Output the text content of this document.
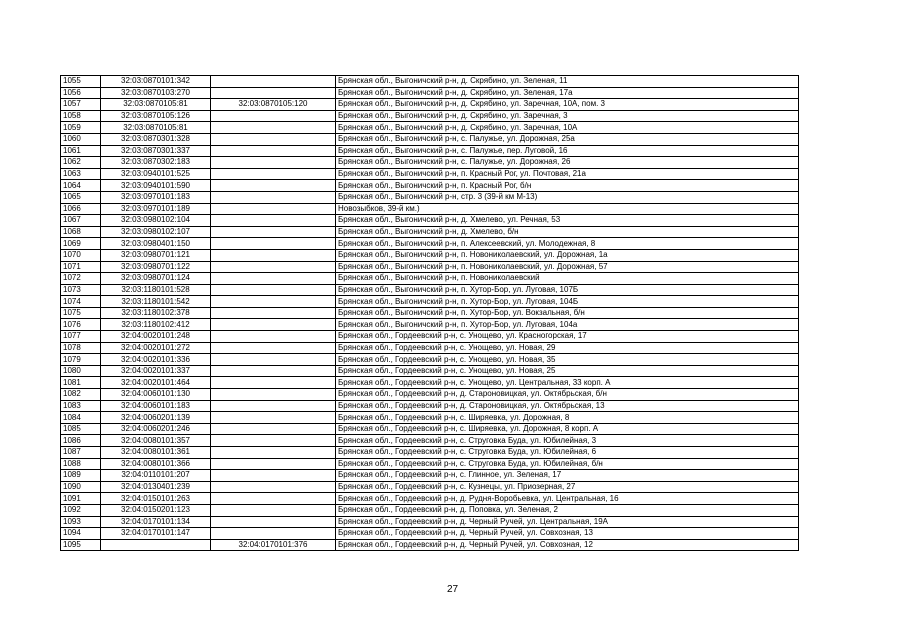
1055	32:03:0870101:342		Брянская обл., Выгоничский р-н, д. Скрябино, ул. Зеленая, 11
1056	32:03:0870103:270		Брянская обл., Выгоничский р-н, д. Скрябино, ул. Зеленая, 17а
1057	32:03:0870105:81	32:03:0870105:120	Брянская обл., Выгоничский р-н, д. Скрябино, ул. Заречная, 10А, пом. 3
1058	32:03:0870105:126		Брянская обл., Выгоничский р-н, д. Скрябино, ул. Заречная, 3
1059	32:03:0870105:81		Брянская обл., Выгоничский р-н, д. Скрябино, ул. Заречная, 10А
1060	32:03:0870301:328		Брянская обл., Выгоничский р-н, с. Палужье, ул. Дорожная, 25а
1061	32:03:0870301:337		Брянская обл., Выгоничский р-н, с. Палужье, пер. Луговой, 16
1062	32:03:0870302:183		Брянская обл., Выгоничский р-н, с. Палужье, ул. Дорожная, 26
1063	32:03:0940101:525		Брянская обл., Выгоничский р-н, п. Красный Рог, ул. Почтовая, 21а
1064	32:03:0940101:590		Брянская обл., Выгоничский р-н, п. Красный Рог, б/н
1065	32:03:0970101:183		Брянская обл., Выгоничский р-н, стр. 3 (39-й км М-13)
1066	32:03:0970101:189		Новозыбков, 39-й км.)
1067	32:03:0980102:104		Брянская обл., Выгоничский р-н, д. Хмелево, ул. Речная, 53
1068	32:03:0980102:107		Брянская обл., Выгоничский р-н, д. Хмелево, б/н
1069	32:03:0980401:150		Брянская обл., Выгоничский р-н, п. Алексеевский, ул. Молодежная, 8
1070	32:03:0980701:121		Брянская обл., Выгоничский р-н, п. Новониколаевский, ул. Дорожная, 1а
1071	32:03:0980701:122		Брянская обл., Выгоничский р-н, п. Новониколаевский, ул. Дорожная, 57
1072	32:03:0980701:124		Брянская обл., Выгоничский р-н, п. Новониколаевский
1073	32:03:1180101:528		Брянская обл., Выгоничский р-н, п. Хутор-Бор, ул. Луговая, 107Б
1074	32:03:1180101:542		Брянская обл., Выгоничский р-н, п. Хутор-Бор, ул. Луговая, 104Б
1075	32:03:1180102:378		Брянская обл., Выгоничский р-н, п. Хутор-Бор, ул. Вокзальная, б/н
1076	32:03:1180102:412		Брянская обл., Выгоничский р-н, п. Хутор-Бор, ул. Луговая, 104а
1077	32:04:0020101:248		Брянская обл., Гордеевский р-н, с. Унощево, ул. Красногорская, 17
1078	32:04:0020101:272		Брянская обл., Гордеевский р-н, с. Унощево, ул. Новая, 29
1079	32:04:0020101:336		Брянская обл., Гордеевский р-н, с. Унощево, ул. Новая, 35
1080	32:04:0020101:337		Брянская обл., Гордеевский р-н, с. Унощево, ул. Новая, 25
1081	32:04:0020101:464		Брянская обл., Гордеевский р-н, с. Унощево, ул. Центральная, 33 корп. А
1082	32:04:0060101:130		Брянская обл., Гордеевский р-н, д. Староновицкая, ул. Октябрьская, б/н
1083	32:04:0060101:183		Брянская обл., Гордеевский р-н, д. Староновицкая, ул. Октябрьская, 13
1084	32:04:0060201:139		Брянская обл., Гордеевский р-н, с. Ширяевка, ул. Дорожная, 8
1085	32:04:0060201:246		Брянская обл., Гордеевский р-н, с. Ширяевка, ул. Дорожная, 8 корп. А
1086	32:04:0080101:357		Брянская обл., Гордеевский р-н, с. Струговка Буда, ул. Юбилейная, 3
1087	32:04:0080101:361		Брянская обл., Гордеевский р-н, с. Струговка Буда, ул. Юбилейная, 6
1088	32:04:0080101:366		Брянская обл., Гордеевский р-н, с. Струговка Буда, ул. Юбилейная, б/н
1089	32:04:0110101:207		Брянская обл., Гордеевский р-н, с. Глинное, ул. Зеленая, 17
1090	32:04:0130401:239		Брянская обл., Гордеевский р-н, с. Кузнецы, ул. Приозерная, 27
1091	32:04:0150101:263		Брянская обл., Гордеевский р-н, д. Рудня-Воробьевка, ул. Центральная, 16
1092	32:04:0150201:123		Брянская обл., Гордеевский р-н, д. Поповка, ул. Зеленая, 2
1093	32:04:0170101:134		Брянская обл., Гордеевский р-н, д. Черный Ручей, ул. Центральная, 19А
1094	32:04:0170101:147		Брянская обл., Гордеевский р-н, д. Черный Ручей, ул. Совхозная, 13
1095		32:04:0170101:376	Брянская обл., Гордеевский р-н, д. Черный Ручей, ул. Совхозная, 12
27
